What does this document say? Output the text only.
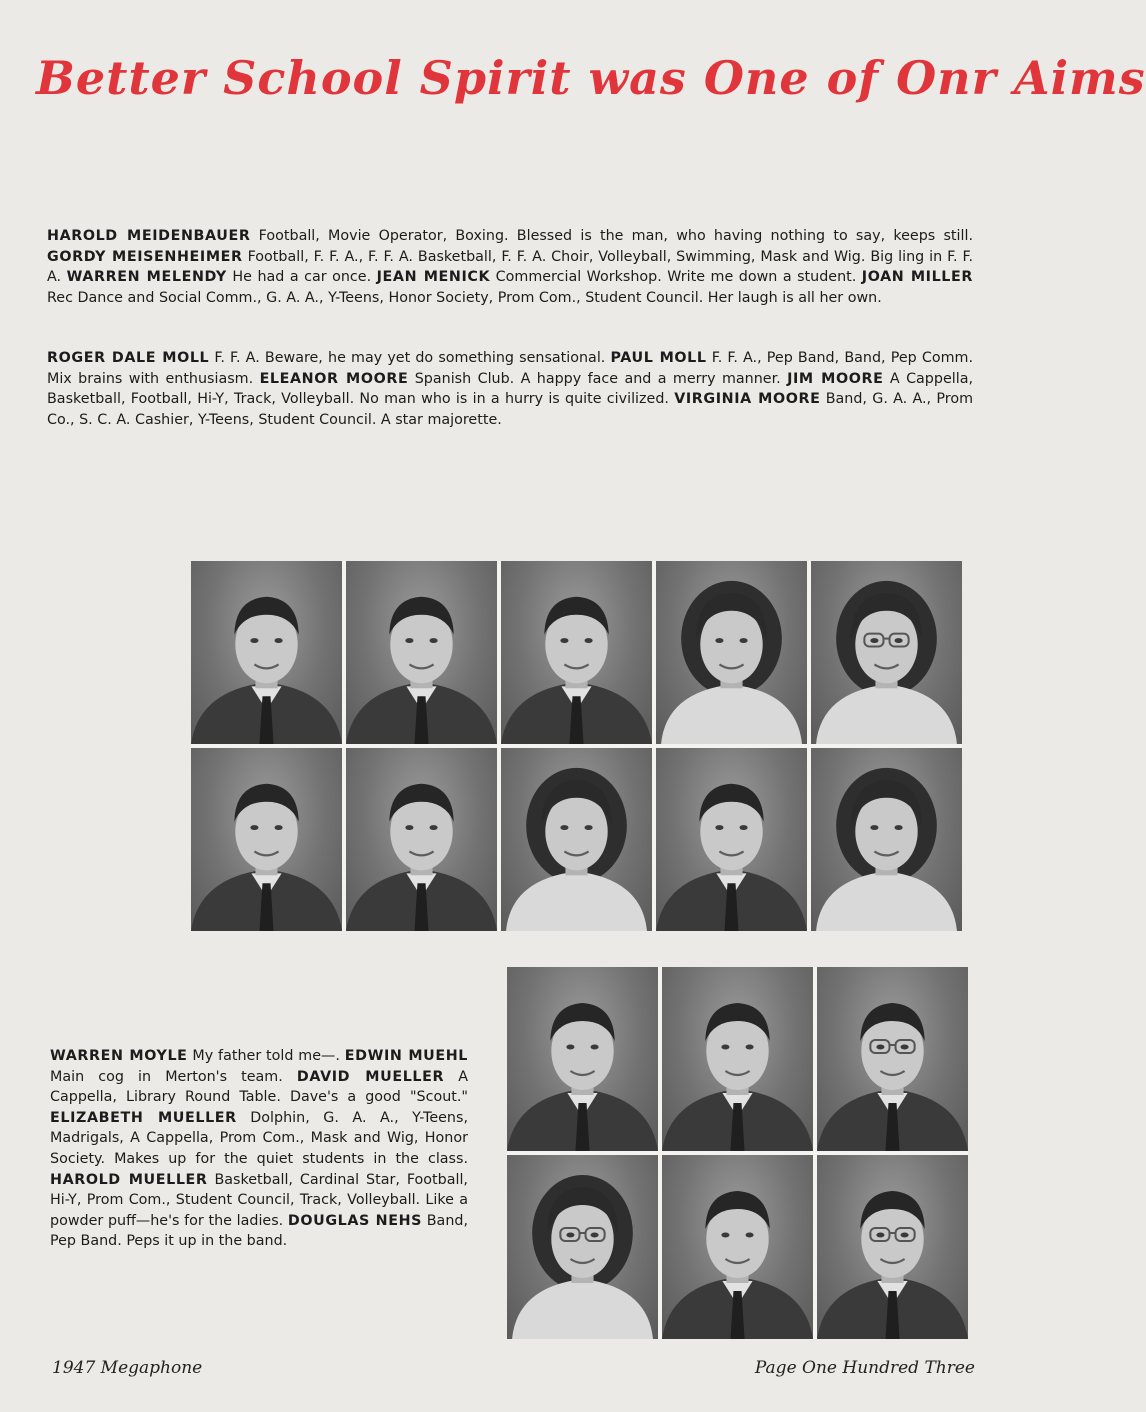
Better School Spirit was One of Onr Aims

HAROLD MEIDENBAUER Football, Movie Operator, Boxing. Blessed is the man, who having nothing to say, keeps still. GORDY MEISENHEIMER Football, F. F. A., F. F. A. Basketball, F. F. A. Choir, Volleyball, Swimming, Mask and Wig. Big ling in F. F. A. WARREN MELENDY He had a car once. JEAN MENICK Commercial Workshop. Write me down a student. JOAN MILLER Rec Dance and Social Comm., G. A. A., Y-Teens, Honor Society, Prom Com., Student Council. Her laugh is all her own.

ROGER DALE MOLL F. F. A. Beware, he may yet do something sensational. PAUL MOLL F. F. A., Pep Band, Band, Pep Comm. Mix brains with enthusiasm. ELEANOR MOORE Spanish Club. A happy face and a merry manner. JIM MOORE A Cappella, Basketball, Football, Hi-Y, Track, Volleyball. No man who is in a hurry is quite civilized. VIRGINIA MOORE Band, G. A. A., Prom Co., S. C. A. Cashier, Y-Teens, Student Council. A star majorette.

WARREN MOYLE My father told me—. EDWIN MUEHL Main cog in Merton's team. DAVID MUELLER A Cappella, Library Round Table. Dave's a good "Scout." ELIZABETH MUELLER Dolphin, G. A. A., Y-Teens, Madrigals, A Cappella, Prom Com., Mask and Wig, Honor Society. Makes up for the quiet students in the class. HAROLD MUELLER Basketball, Cardinal Star, Football, Hi-Y, Prom Com., Student Council, Track, Volleyball. Like a powder puff—he's for the ladies. DOUGLAS NEHS Band, Pep Band. Peps it up in the band.

1947 Megaphone	Page One Hundred Three
